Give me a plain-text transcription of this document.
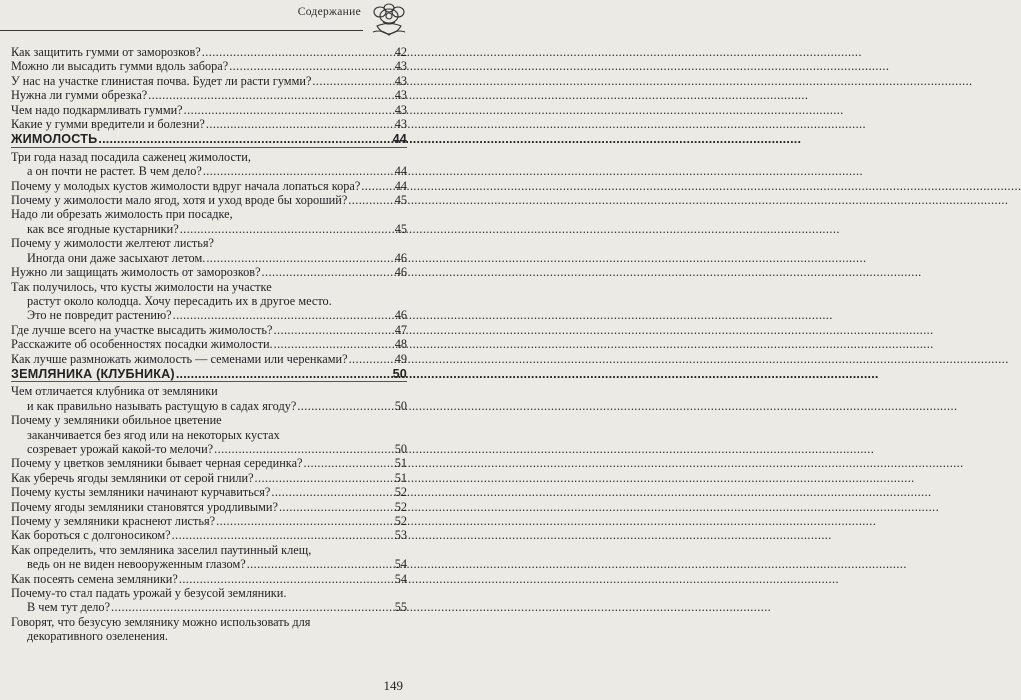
Содержание
Как защитить гумми от заморозков? .....	42
Можно ли высадить гумми вдоль забора? .....	43
У нас на участке глинистая почва. Будет ли расти гумми? .....	43
Нужна ли гумми обрезка? .....	43
Чем надо подкармливать гумми? .....	43
Какие у гумми вредители и болезни? .....	43
ЖИМОЛОСТЬ .....	44
Три года назад посадила саженец жимолости,
а он почти не растет. В чем дело? .....	44
Почему у молодых кустов жимолости вдруг начала лопаться кора? .....	44
Почему у жимолости мало ягод, хотя и уход вроде бы хороший? .....	45
Надо ли обрезать жимолость при посадке,
как все ягодные кустарники? .....	45
Почему у жимолости желтеют листья?
Иногда они даже засыхают летом. .....	46
Нужно ли защищать жимолость от заморозков? .....	46
Так получилось, что кусты жимолости на участке
растут около колодца. Хочу пересадить их в другое место.
Это не повредит растению? .....	46
Где лучше всего на участке высадить жимолость? .....	47
Расскажите об особенностях посадки жимолости. .....	48
Как лучше размножать жимолость — семенами или черенками? .....	49
ЗЕМЛЯНИКА (КЛУБНИКА) .....	50
Чем отличается клубника от земляники
и как правильно называть растущую в садах ягоду? .....	50
Почему у земляники обильное цветение
заканчивается без ягод или на некоторых кустах
созревает урожай какой-то мелочи? .....	50
Почему у цветков земляники бывает черная серединка? .....	51
Как уберечь ягоды земляники от серой гнили? .....	51
Почему кусты земляники начинают курчавиться? .....	52
Почему ягоды земляники становятся уродливыми? .....	52
Почему у земляники краснеют листья? .....	52
Как бороться с долгоносиком? .....	53
Как определить, что земляника заселил паутинный клещ,
ведь он не виден невооруженным глазом? .....	54
Как посеять семена земляники? .....	54
Почему-то стал падать урожай у безусой земляники.
В чем тут дело? .....	55
Говорят, что безусую землянику можно использовать для
декоративного озеленения.
149
